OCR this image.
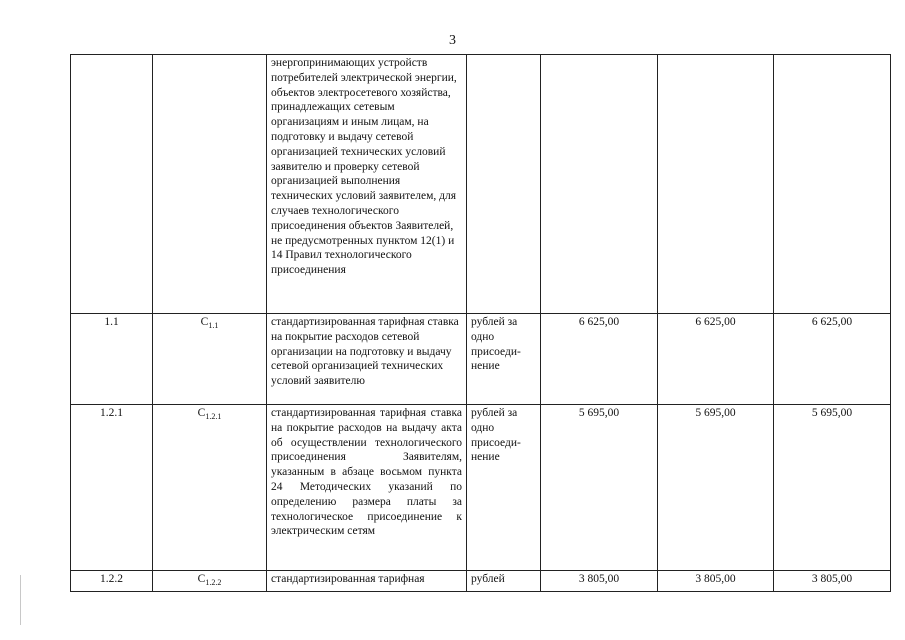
3
		энергопринимающих устройств потребителей электрической энергии, объектов электросетевого хозяйства, принадлежащих сетевым организациям и иным лицам, на подготовку и выдачу сетевой организацией технических условий заявителю и проверку сетевой организацией выполнения технических условий заявителем, для случаев технологического присоединения объектов Заявителей, не предусмотренных пунктом 12(1) и 14 Правил технологического присоединения				
1.1	$С_{1.1}$	стандартизированная тарифная ставка на покрытие расходов сетевой организации на подготовку и выдачу сетевой организацией технических условий заявителю	рублей за одно присоеди-нение	6 625,00	6 625,00	6 625,00
1.2.1	$С_{1.2.1}$	стандартизированная тарифная ставка на покрытие расходов на выдачу акта об осуществлении технологического присоединения Заявителям, указанным в абзаце восьмом пункта 24 Методических указаний по определению размера платы за технологическое присоединение к электрическим сетям	рублей за одно присоеди-нение	5 695,00	5 695,00	5 695,00
1.2.2	$С_{1.2.2}$	стандартизированная тарифная	рублей	3 805,00	3 805,00	3 805,00
